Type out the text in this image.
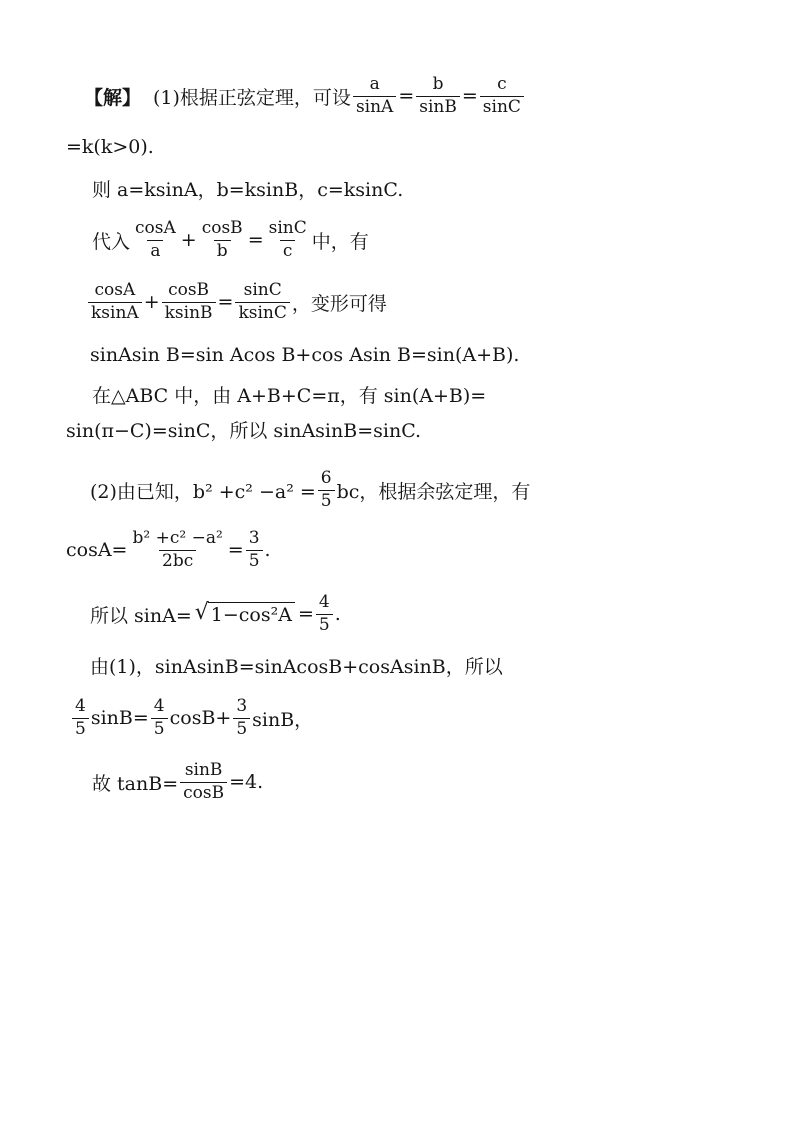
【解】 (1)根据正弦定理，可设 $\frac{a}{\sin A} = \frac{b}{\sin B} = \frac{c}{\sin C}$
=k(k>0).
则 a=ksinA，b=ksinB，c=ksinC.
代入 $\frac{\cos A}{a} + \frac{\cos B}{b} = \frac{\sin C}{c}$ 中，有
$\frac{\cos A}{ksinA} + \frac{\cos B}{ksinB} = \frac{\sin C}{ksinC}$ ，变形可得
sinAsin B=sin Acos B+cos Asin B=sin(A+B).
在△ABC 中，由 A+B+C=π，有 sin(A+B)=
sin(π−C)=sinC，所以 sinAsinB=sinC.
(2)由已知，$b^2 +c^2 -a^2 = \frac{6}{5}$ bc，根据余弦定理，有
$\cos A= \frac{\text{b² +c² −a²}}{2bc} = \frac{3}{5}$ .
所以 sinA= √ $1-\cos^2A = \frac{4}{5}$ .
由(1)，sinAsinB=sinAcosB+cosAsinB，所以
$\frac{4}{5} \sin B= \frac{4}{5} \cos B+ \frac{3}{5}$ sinB，
故 $\tan B= \frac{\sin B}{\cos B} =4$.
